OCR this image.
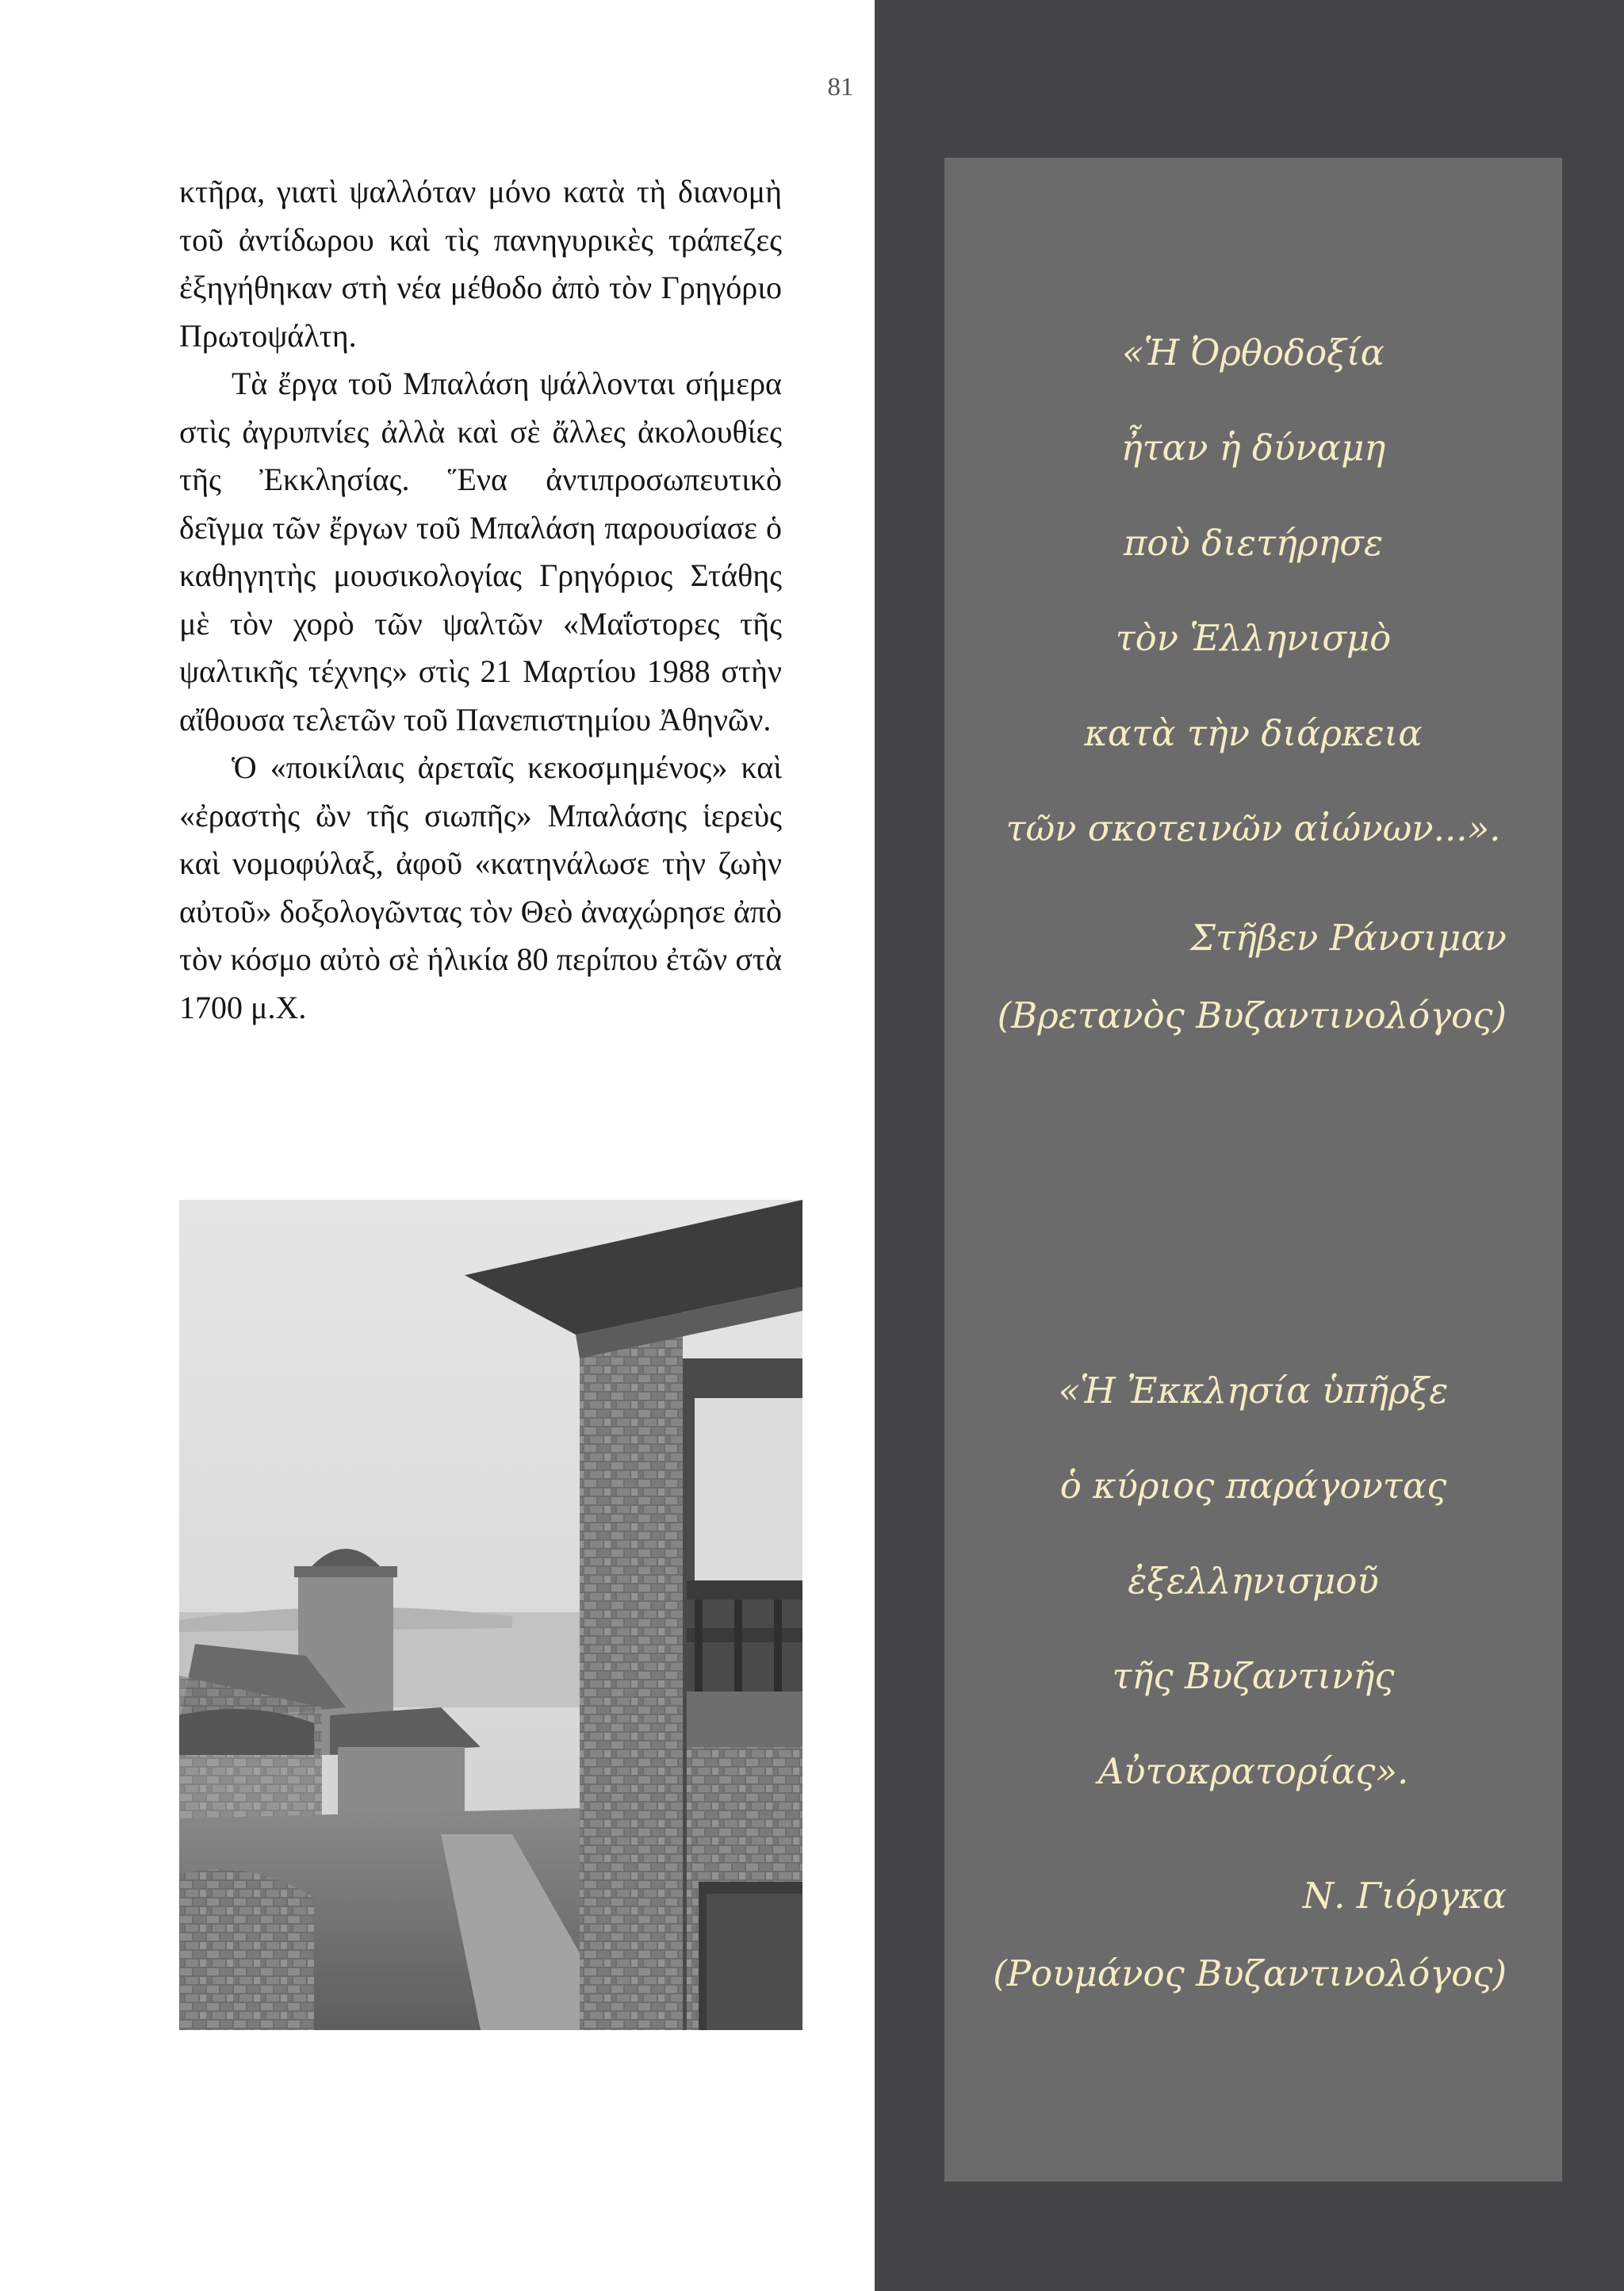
81

κτῆρα, γιατὶ ψαλλόταν μόνο κατὰ τὴ διανομὴ τοῦ ἀντίδωρου καὶ τὶς πανηγυρικὲς τράπεζες ἐξηγήθηκαν στὴ νέα μέθοδο ἀπὸ τὸν Γρηγόριο Πρωτοψάλτη.

Τὰ ἔργα τοῦ Μπαλάση ψάλλονται σήμερα στὶς ἀγρυπνίες ἀλλὰ καὶ σὲ ἄλλες ἀκολουθίες τῆς Ἐκκλησίας. Ἕνα ἀντιπροσωπευτικὸ δεῖγμα τῶν ἔργων τοῦ Μπαλάση παρουσίασε ὁ καθηγητὴς μουσικολογίας Γρηγόριος Στάθης μὲ τὸν χορὸ τῶν ψαλτῶν «Μαΐστορες τῆς ψαλτικῆς τέχνης» στὶς 21 Μαρτίου 1988 στὴν αἴθουσα τελετῶν τοῦ Πανεπιστημίου Ἀθηνῶν.

Ὁ «ποικίλαις ἀρεταῖς κεκοσμημένος» καὶ «ἐραστὴς ὢν τῆς σιωπῆς» Μπαλάσης ἱερεὺς καὶ νομοφύλαξ, ἀφοῦ «κατηνάλωσε τὴν ζωὴν αὐτοῦ» δοξολογῶντας τὸν Θεὸ ἀναχώρησε ἀπὸ τὸν κόσμο αὐτὸ σὲ ἡλικία 80 περίπου ἐτῶν στὰ 1700 μ.Χ.

«Ἡ Ὀρθοδοξία
ἦταν ἡ δύναμη
ποὺ διετήρησε
τὸν Ἑλληνισμὸ
κατὰ τὴν διάρκεια
τῶν σκοτεινῶν αἰώνων...».
Στῆβεν Ράνσιμαν
(Βρετανὸς Βυζαντινολόγος)
«Ἡ Ἐκκλησία ὑπῆρξε
ὁ κύριος παράγοντας
ἐξελληνισμοῦ
τῆς Βυζαντινῆς
Αὐτοκρατορίας».
Ν. Γιόργκα
(Ρουμάνος Βυζαντινολόγος)
